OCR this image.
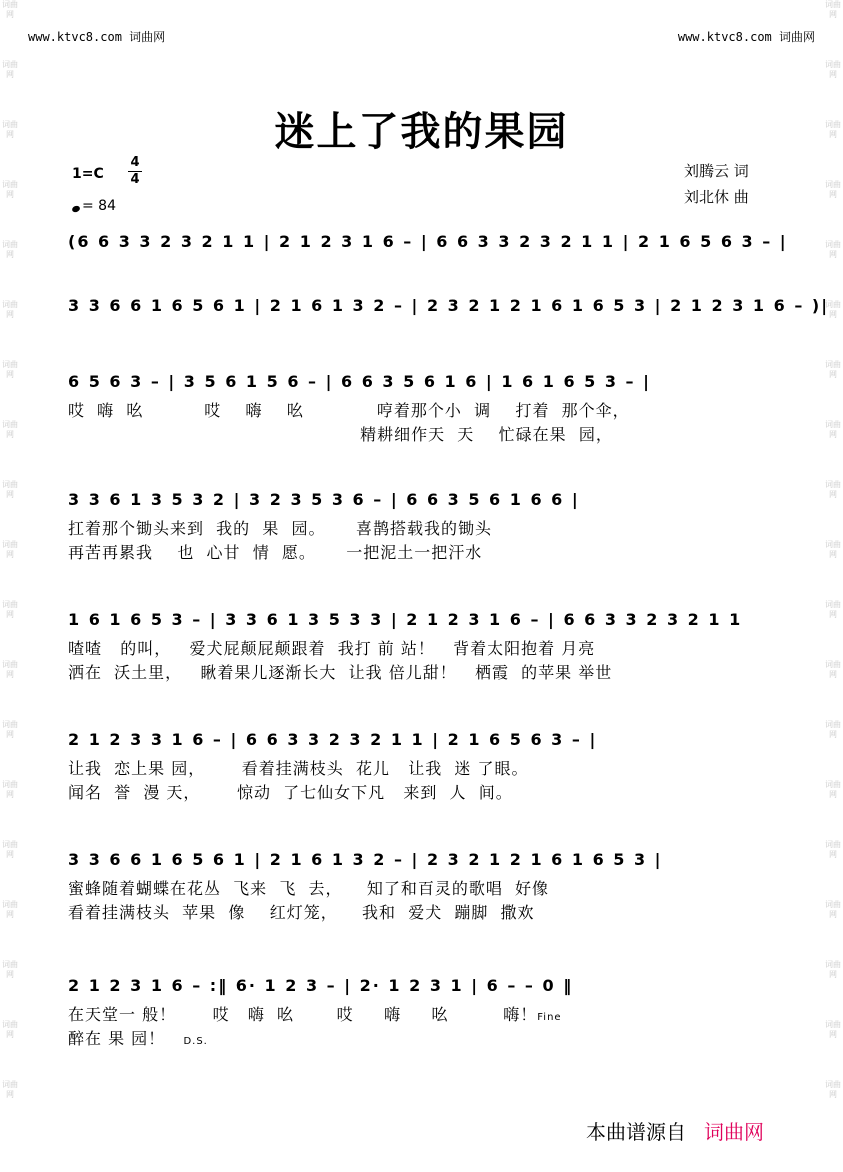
词曲网
词曲网
词曲网
词曲网
词曲网
词曲网
词曲网
词曲网
词曲网
词曲网
词曲网
词曲网
词曲网
词曲网
词曲网
词曲网
词曲网
词曲网
词曲网
词曲网
词曲网
词曲网
词曲网
词曲网
词曲网
词曲网
词曲网
词曲网
词曲网
词曲网
词曲网
词曲网
词曲网
词曲网
词曲网
词曲网
词曲网
词曲网
www.ktvc8.com 词曲网	www.ktvc8.com 词曲网
迷上了我的果园
1=C
4
4
= 84
刘腾云 词
刘北休 曲
(6 6 3 3 2 3 2 1 1 | 2 1 2 3 1 6 – | 6 6 3 3 2 3 2 1 1 | 2 1 6 5 6 3 – |
3 3 6 6 1 6 5 6 1 | 2 1 6 1 3 2 – | 2 3 2 1 2 1 6 1 6 5 3 | 2 1 2 3 1 6 – )|
6 5 6 3 – | 3 5 6 1 5 6 – | 6 6 3 5 6 1 6 | 1 6 1 6 5 3 – |
哎  嗨  吆          哎    嗨    吆            哼着那个小  调    打着  那个伞，
精耕细作天  天    忙碌在果  园，
3 3 6 1 3 5 3 2 | 3 2 3 5 3 6 – | 6 6 3 5 6 1 6 6 |
扛着那个锄头来到  我的  果  园。     喜鹊搭载我的锄头
再苦再累我    也  心甘  情  愿。     一把泥土一把汗水
1 6 1 6 5 3 – | 3 3 6 1 3 5 3 3 | 2 1 2 3 1 6 – | 6 6 3 3 2 3 2 1 1
喳喳   的叫，   爱犬屁颠屁颠跟着  我打 前 站！   背着太阳抱着 月亮
洒在  沃土里，   瞅着果儿逐渐长大  让我 倍儿甜！   栖霞  的苹果 举世
2 1 2 3 3 1 6 – | 6 6 3 3 2 3 2 1 1 | 2 1 6 5 6 3 – |
让我  恋上果 园，      看着挂满枝头  花儿   让我  迷 了眼。
闻名  誉  漫 天，      惊动  了七仙女下凡   来到  人  间。
3 3 6 6 1 6 5 6 1 | 2 1 6 1 3 2 – | 2 3 2 1 2 1 6 1 6 5 3 |
蜜蜂随着蝴蝶在花丛  飞来  飞  去，    知了和百灵的歌唱  好像
看着挂满枝头  苹果  像    红灯笼，    我和  爱犬  蹦脚  撒欢
2 1 2 3 1 6 – :‖ 6· 1 2 3 – | 2· 1 2 3 1 | 6 – – 0 ‖
在天堂一 般！      哎   嗨  吆       哎     嗨     吆         嗨！Fine
醉在 果 园！ D.S.
本曲谱源自 词曲网
